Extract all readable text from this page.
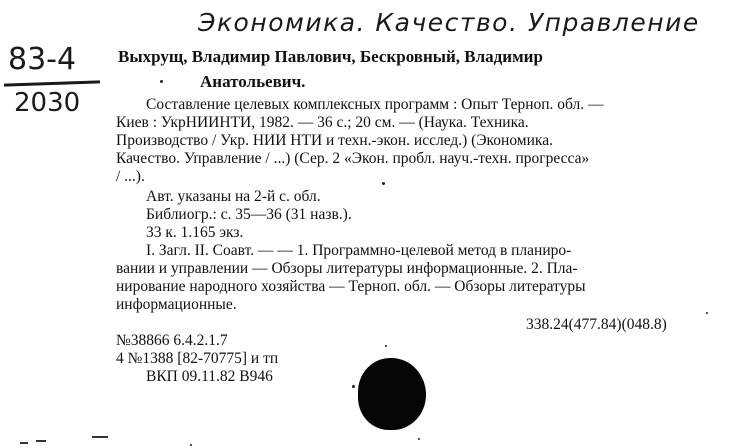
Экономика. Качество. Управление
83-4
2030
Выхрущ, Владимир Павлович, Бескровный, Владимир
Анатольевич.
Составление целевых комплексных программ : Опыт Терноп. обл. —
Киев : УкрНИИНТИ, 1982. — 36 с.; 20 см. — (Наука. Техника.
Производство / Укр. НИИ НТИ и техн.-экон. исслед.) (Экономика.
Качество. Управление / ...) (Сер. 2 «Экон. пробл. науч.-техн. прогресса»
/ ...).
Авт. указаны на 2-й с. обл.
Библиогр.: с. 35—36 (31 назв.).
33 к. 1.165 экз.
I. Загл. II. Соавт. — — 1. Программно-целевой метод в планиро-
вании и управлении — Обзоры литературы информационные. 2. Пла-
нирование народного хозяйства — Терноп. обл. — Обзоры литературы
информационные.
338.24(477.84)(048.8)
№38866 6.4.2.1.7
4 №1388 [82-70775] и тп
ВКП 09.11.82 В946
